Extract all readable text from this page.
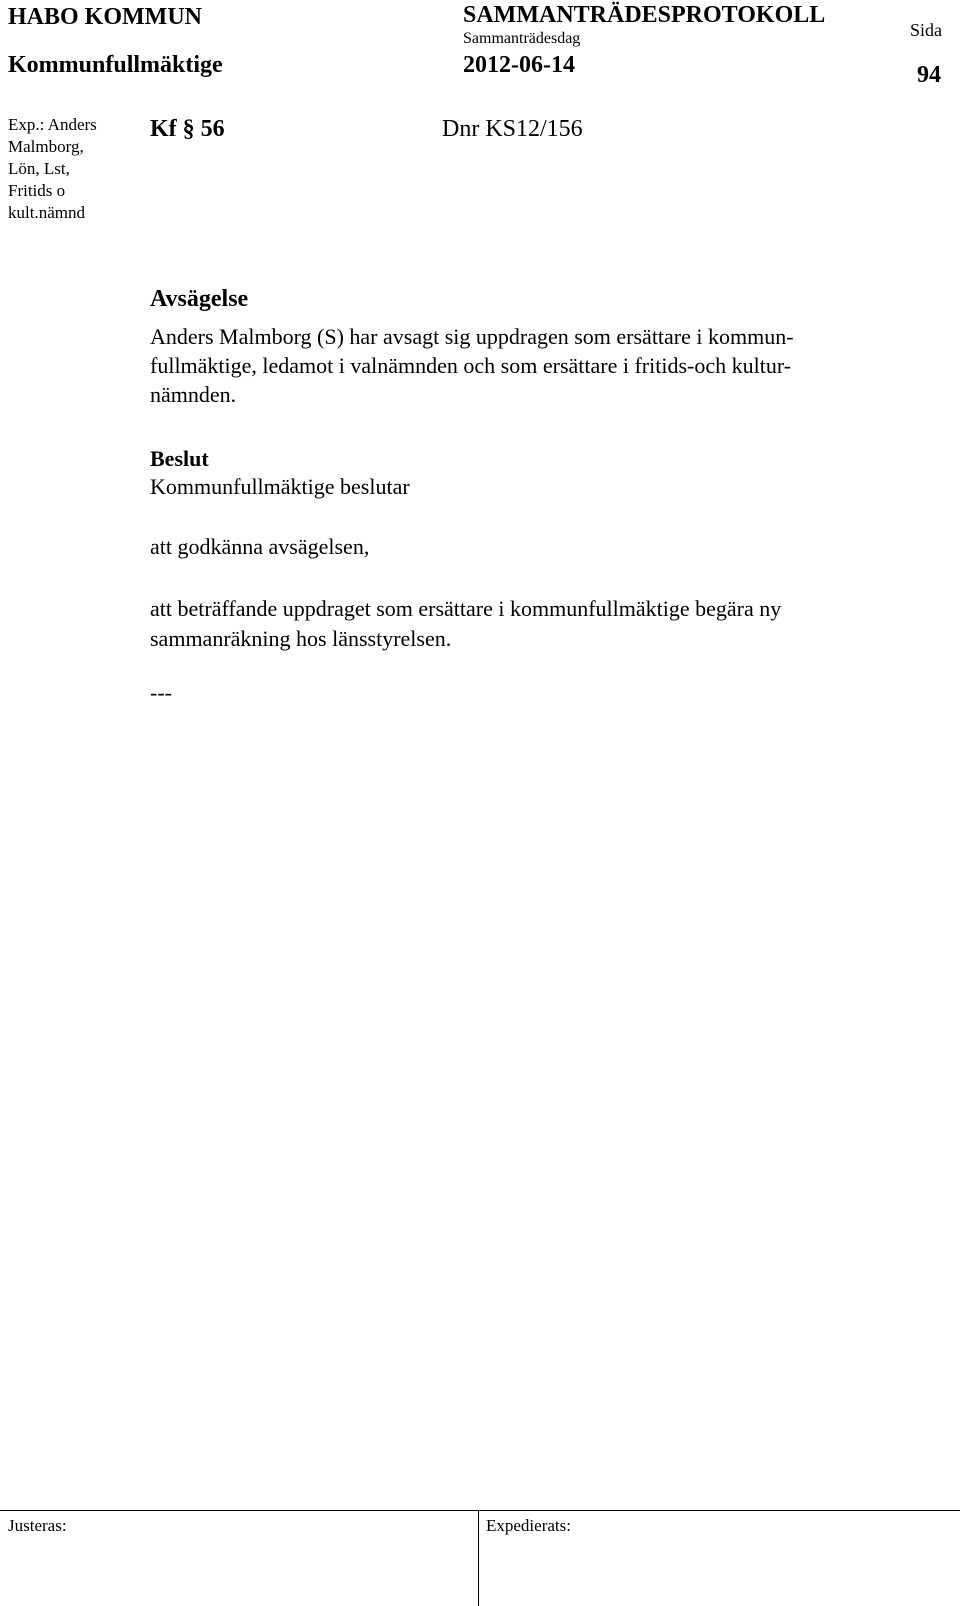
HABO KOMMUN
Kommunfullmäktige
SAMMANTRÄDESPROTOKOLL
Sammanträdesdag
2012-06-14
Sida
94
Exp.: Anders
Malmborg,
Lön, Lst,
Fritids o
kult.nämnd
Kf § 56	Dnr KS12/156
Avsägelse
Anders Malmborg (S) har avsagt sig uppdragen som ersättare i kommun-
fullmäktige, ledamot i valnämnden och som ersättare i fritids-och kultur-
nämnden.
Beslut
Kommunfullmäktige beslutar
att godkänna avsägelsen,
att beträffande uppdraget som ersättare i kommunfullmäktige begära ny
sammanräkning hos länsstyrelsen.
---
Justeras:	Expedierats:
